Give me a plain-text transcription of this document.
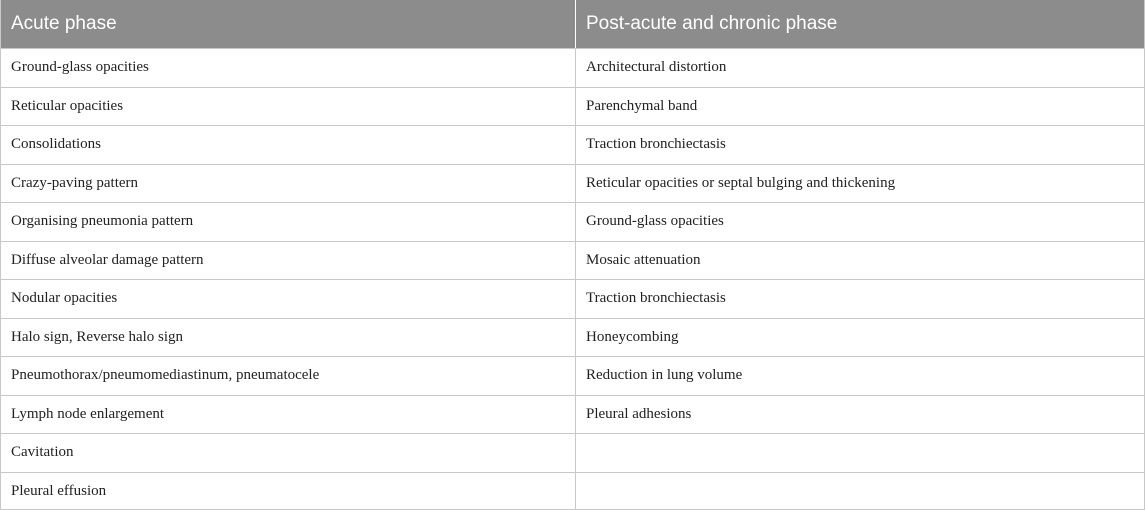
Acute phase	Post-acute and chronic phase
Ground-glass opacities	Architectural distortion
Reticular opacities	Parenchymal band
Consolidations	Traction bronchiectasis
Crazy-paving pattern	Reticular opacities or septal bulging and thickening
Organising pneumonia pattern	Ground-glass opacities
Diffuse alveolar damage pattern	Mosaic attenuation
Nodular opacities	Traction bronchiectasis
Halo sign, Reverse halo sign	Honeycombing
Pneumothorax/pneumomediastinum, pneumatocele	Reduction in lung volume
Lymph node enlargement	Pleural adhesions
Cavitation
Pleural effusion
